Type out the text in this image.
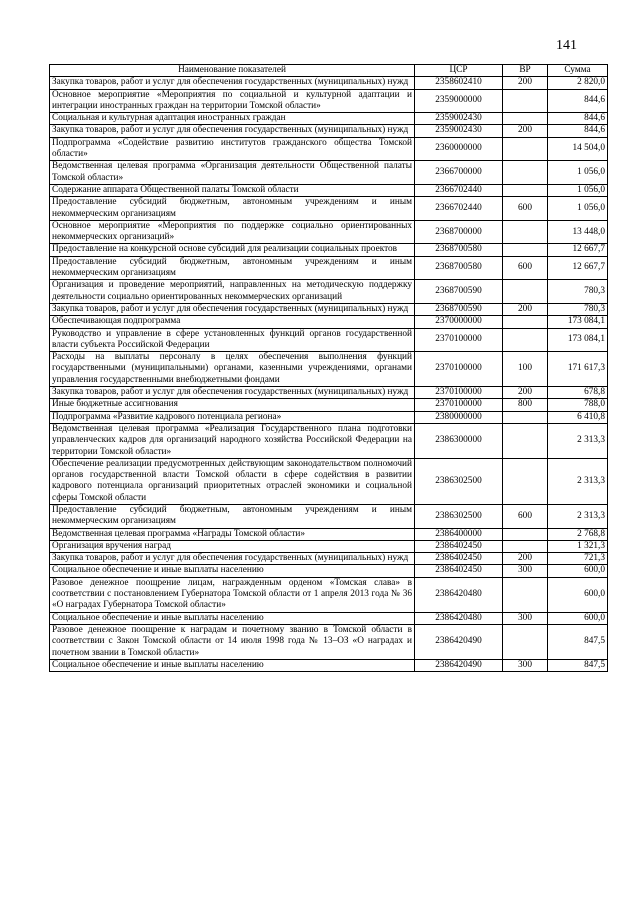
141
Наименование показателей	ЦСР	ВР	Сумма
Закупка товаров, работ и услуг для обеспечения государственных (муниципальных) нужд	2358602410	200	2 820,0
Основное мероприятие «Мероприятия по социальной и культурной адаптации и интеграции иностранных граждан на территории Томской области»	2359000000		844,6
Социальная и культурная адаптация иностранных граждан	2359002430		844,6
Закупка товаров, работ и услуг для обеспечения государственных (муниципальных) нужд	2359002430	200	844,6
Подпрограмма «Содействие развитию институтов гражданского общества Томской области»	2360000000		14 504,0
Ведомственная целевая программа «Организация деятельности Общественной палаты Томской области»	2366700000		1 056,0
Содержание аппарата Общественной палаты Томской области	2366702440		1 056,0
Предоставление субсидий бюджетным, автономным учреждениям и иным некоммерческим организациям	2366702440	600	1 056,0
Основное мероприятие «Мероприятия по поддержке социально ориентированных некоммерческих организаций»	2368700000		13 448,0
Предоставление на конкурсной основе субсидий для реализации социальных проектов	2368700580		12 667,7
Предоставление субсидий бюджетным, автономным учреждениям и иным некоммерческим организациям	2368700580	600	12 667,7
Организация и проведение мероприятий, направленных на методическую поддержку деятельности социально ориентированных некоммерческих организаций	2368700590		780,3
Закупка товаров, работ и услуг для обеспечения государственных (муниципальных) нужд	2368700590	200	780,3
Обеспечивающая подпрограмма	2370000000		173 084,1
Руководство и управление в сфере установленных функций органов государственной власти субъекта Российской Федерации	2370100000		173 084,1
Расходы на выплаты персоналу в целях обеспечения выполнения функций государственными (муниципальными) органами, казенными учреждениями, органами управления государственными внебюджетными фондами	2370100000	100	171 617,3
Закупка товаров, работ и услуг для обеспечения государственных (муниципальных) нужд	2370100000	200	678,8
Иные бюджетные ассигнования	2370100000	800	788,0
Подпрограмма «Развитие кадрового потенциала региона»	2380000000		6 410,8
Ведомственная целевая программа «Реализация Государственного плана подготовки управленческих кадров для организаций народного хозяйства Российской Федерации на территории Томской области»	2386300000		2 313,3
Обеспечение реализации предусмотренных действующим законодательством полномочий органов государственной власти Томской области в сфере содействия в развитии кадрового потенциала организаций приоритетных отраслей экономики и социальной сферы Томской области	2386302500		2 313,3
Предоставление субсидий бюджетным, автономным учреждениям и иным некоммерческим организациям	2386302500	600	2 313,3
Ведомственная целевая программа «Награды Томской области»	2386400000		2 768,8
Организация вручения наград	2386402450		1 321,3
Закупка товаров, работ и услуг для обеспечения государственных (муниципальных) нужд	2386402450	200	721,3
Социальное обеспечение и иные выплаты населению	2386402450	300	600,0
Разовое денежное поощрение лицам, награжденным орденом «Томская слава» в соответствии с постановлением Губернатора Томской области от 1 апреля 2013 года № 36 «О наградах Губернатора Томской области»	2386420480		600,0
Социальное обеспечение и иные выплаты населению	2386420480	300	600,0
Разовое денежное поощрение к наградам и почетному званию в Томской области в соответствии с Закон Томской области от 14 июля 1998 года № 13–ОЗ «О наградах и почетном звании в Томской области»	2386420490		847,5
Социальное обеспечение и иные выплаты населению	2386420490	300	847,5
